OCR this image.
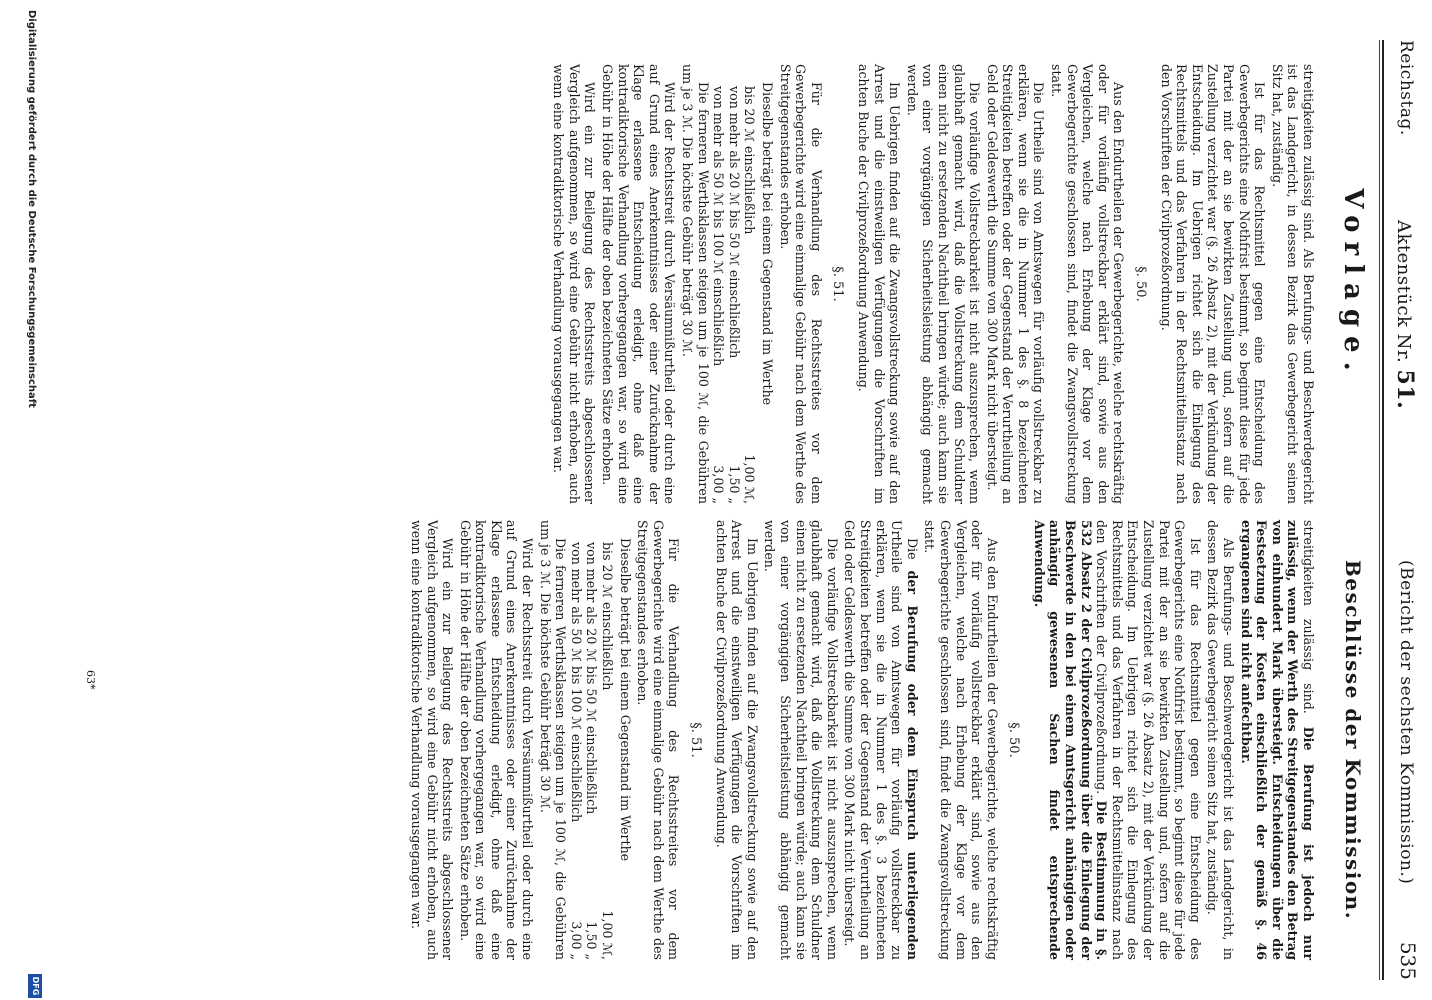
Reichstag.
Aktenstück Nr. 51.
(Bericht der sechsten Kommission.)
535
Vorlage.

streitigkeiten zulässig sind. Als Berufungs- und Beschwerdegericht ist das Landgericht, in dessen Bezirk das Gewerbegericht seinen Sitz hat, zuständig.

Ist für das Rechtsmittel gegen eine Entscheidung des Gewerbegerichts eine Nothfrist bestimmt, so beginnt diese für jede Partei mit der an sie bewirkten Zustellung und, sofern auf die Zustellung verzichtet war (§. 26 Absatz 2), mit der Verkündung der Entscheidung. Im Uebrigen richtet sich die Einlegung des Rechtsmittels und das Verfahren in der Rechtsmittelinstanz nach den Vorschriften der Civilprozeßordnung.

§. 50.

Aus den Endurtheilen der Gewerbegerichte, welche rechtskräftig oder für vorläufig vollstreckbar erklärt sind, sowie aus den Vergleichen, welche nach Erhebung der Klage vor dem Gewerbegerichte geschlossen sind, findet die Zwangsvollstreckung statt.

Die Urtheile sind von Amtswegen für vorläufig vollstreckbar zu erklären, wenn sie die in Nummer 1 des §. 8 bezeichneten Streitigkeiten betreffen oder der Gegenstand der Verurtheilung an Geld oder Geldeswerth die Summe von 300 Mark nicht übersteigt.

Die vorläufige Vollstreckbarkeit ist nicht auszusprechen, wenn glaubhaft gemacht wird, daß die Vollstreckung dem Schuldner einen nicht zu ersetzenden Nachtheil bringen würde; auch kann sie von einer vorgängigen Sicherheitsleistung abhängig gemacht werden.

Im Uebrigen finden auf die Zwangsvollstreckung sowie auf den Arrest und die einstweiligen Verfügungen die Vorschriften im achten Buche der Civilprozeßordnung Anwendung.

§. 51.

Für die Verhandlung des Rechtsstreites vor dem Gewerbegerichte wird eine einmalige Gebühr nach dem Werthe des Streitgegenstandes erhoben.

Dieselbe beträgt bei einem Gegenstand im Werthe

bis 20 ℳ einschließlich
1,00 ℳ,
von mehr als 20 ℳ bis 50 ℳ einschließlich
1,50 „
von mehr als 50 ℳ bis 100 ℳ einschließlich
3,00 „

Die ferneren Werthsklassen steigen um je 100 ℳ, die Gebühren um je 3 ℳ. Die höchste Gebühr beträgt 30 ℳ.

Wird der Rechtsstreit durch Versäumnißurtheil oder durch eine auf Grund eines Anerkenntnisses oder einer Zurücknahme der Klage erlassene Entscheidung erledigt, ohne daß eine kontradiktorische Verhandlung vorhergegangen war, so wird eine Gebühr in Höhe der Hälfte der oben bezeichneten Sätze erhoben.

Wird ein zur Beilegung des Rechtsstreits abgeschlossener Vergleich aufgenommen, so wird eine Gebühr nicht erhoben, auch wenn eine kontradiktorische Verhandlung vorausgegangen war.

Beschlüsse der Kommission.

streitigkeiten zulässig sind. Die Berufung ist jedoch nur zulässig, wenn der Werth des Streitgegenstandes den Betrag von einhundert Mark übersteigt. Entscheidungen über die Festsetzung der Kosten einschließlich der gemäß §. 46 ergangenen sind nicht anfechtbar.

Als Berufungs- und Beschwerdegericht ist das Landgericht, in dessen Bezirk das Gewerbegericht seinen Sitz hat, zuständig.

Ist für das Rechtsmittel gegen eine Entscheidung des Gewerbegerichts eine Nothfrist bestimmt, so beginnt diese für jede Partei mit der an sie bewirkten Zustellung und, sofern auf die Zustellung verzichtet war (§. 26 Absatz 2), mit der Verkündung der Entscheidung. Im Uebrigen richtet sich die Einlegung des Rechtsmittels und das Verfahren in der Rechtsmittelinstanz nach den Vorschriften der Civilprozeßordnung. Die Bestimmung in §. 532 Absatz 2 der Civilprozeßordnung über die Einlegung der Beschwerde in den bei einem Amtsgericht anhängigen oder anhängig gewesenen Sachen findet entsprechende Anwendung.

§. 50.

Aus den Endurtheilen der Gewerbegerichte, welche rechtskräftig oder für vorläufig vollstreckbar erklärt sind, sowie aus den Vergleichen, welche nach Erhebung der Klage vor dem Gewerbegerichte geschlossen sind, findet die Zwangsvollstreckung statt.

Die der Berufung oder dem Einspruch unterliegenden Urtheile sind von Amtswegen für vorläufig vollstreckbar zu erklären, wenn sie die in Nummer 1 des §. 3 bezeichneten Streitigkeiten betreffen oder der Gegenstand der Verurtheilung an Geld oder Geldeswerth die Summe von 300 Mark nicht übersteigt.

Die vorläufige Vollstreckbarkeit ist nicht auszusprechen, wenn glaubhaft gemacht wird, daß die Vollstreckung dem Schuldner einen nicht zu ersetzenden Nachtheil bringen würde; auch kann sie von einer vorgängigen Sicherheitsleistung abhängig gemacht werden.

Im Uebrigen finden auf die Zwangsvollstreckung sowie auf den Arrest und die einstweiligen Verfügungen die Vorschriften im achten Buche der Civilprozeßordnung Anwendung.

§. 51.

Für die Verhandlung des Rechtsstreites vor dem Gewerbegerichte wird eine einmalige Gebühr nach dem Werthe des Streitgegenstandes erhoben.

Dieselbe beträgt bei einem Gegenstand im Werthe

bis 20 ℳ einschließlich
1,00 ℳ,
von mehr als 20 ℳ bis 50 ℳ einschließlich
1,50 „
von mehr als 50 ℳ bis 100 ℳ einschließlich
3,00 „

Die ferneren Werthsklassen steigen um je 100 ℳ, die Gebühren um je 3 ℳ. Die höchste Gebühr beträgt 30 ℳ.

Wird der Rechtsstreit durch Versäumnißurtheil oder durch eine auf Grund eines Anerkenntnisses oder einer Zurücknahme der Klage erlassene Entscheidung erledigt, ohne daß eine kontradiktorische Verhandlung vorhergegangen war, so wird eine Gebühr in Höhe der Hälfte der oben bezeichneten Sätze erhoben.

Wird ein zur Beilegung des Rechtsstreits abgeschlossener Vergleich aufgenommen, so wird eine Gebühr nicht erhoben, auch wenn eine kontradiktorische Verhandlung vorausgegangen war.

63*
Digitalisierung gefördert durch die Deutsche Forschungsgemeinschaft
DFG
